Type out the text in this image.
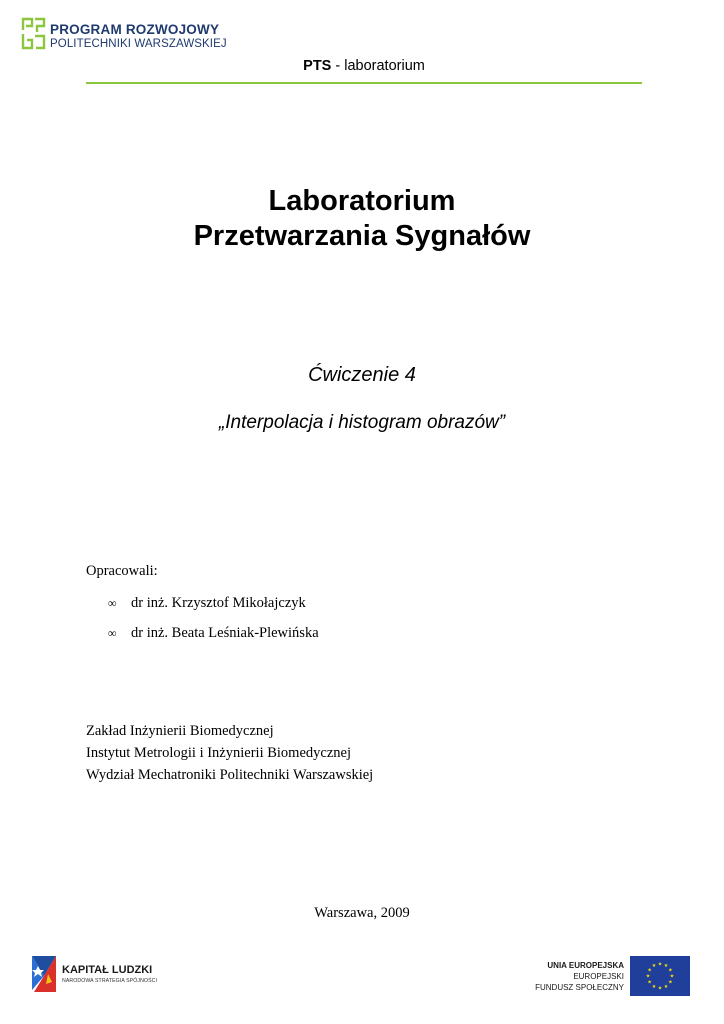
PROGRAM ROZWOJOWY
POLITECHNIKI WARSZAWSKIEJ
PTS - laboratorium
Laboratorium
Przetwarzania Sygnałów
Ćwiczenie 4
„Interpolacja i histogram obrazów”
Opracowali:
∞ dr inż. Krzysztof Mikołajczyk
∞ dr inż. Beata Leśniak-Plewińska
Zakład Inżynierii Biomedycznej
Instytut Metrologii i Inżynierii Biomedycznej
Wydział Mechatroniki Politechniki Warszawskiej
Warszawa, 2009
KAPITAŁ LUDZKI
NARODOWA STRATEGIA SPÓJNOŚCI
UNIA EUROPEJSKA
EUROPEJSKI
FUNDUSZ SPOŁECZNY
★ ★
★
★
★
★
★
★
★
★
★
★
